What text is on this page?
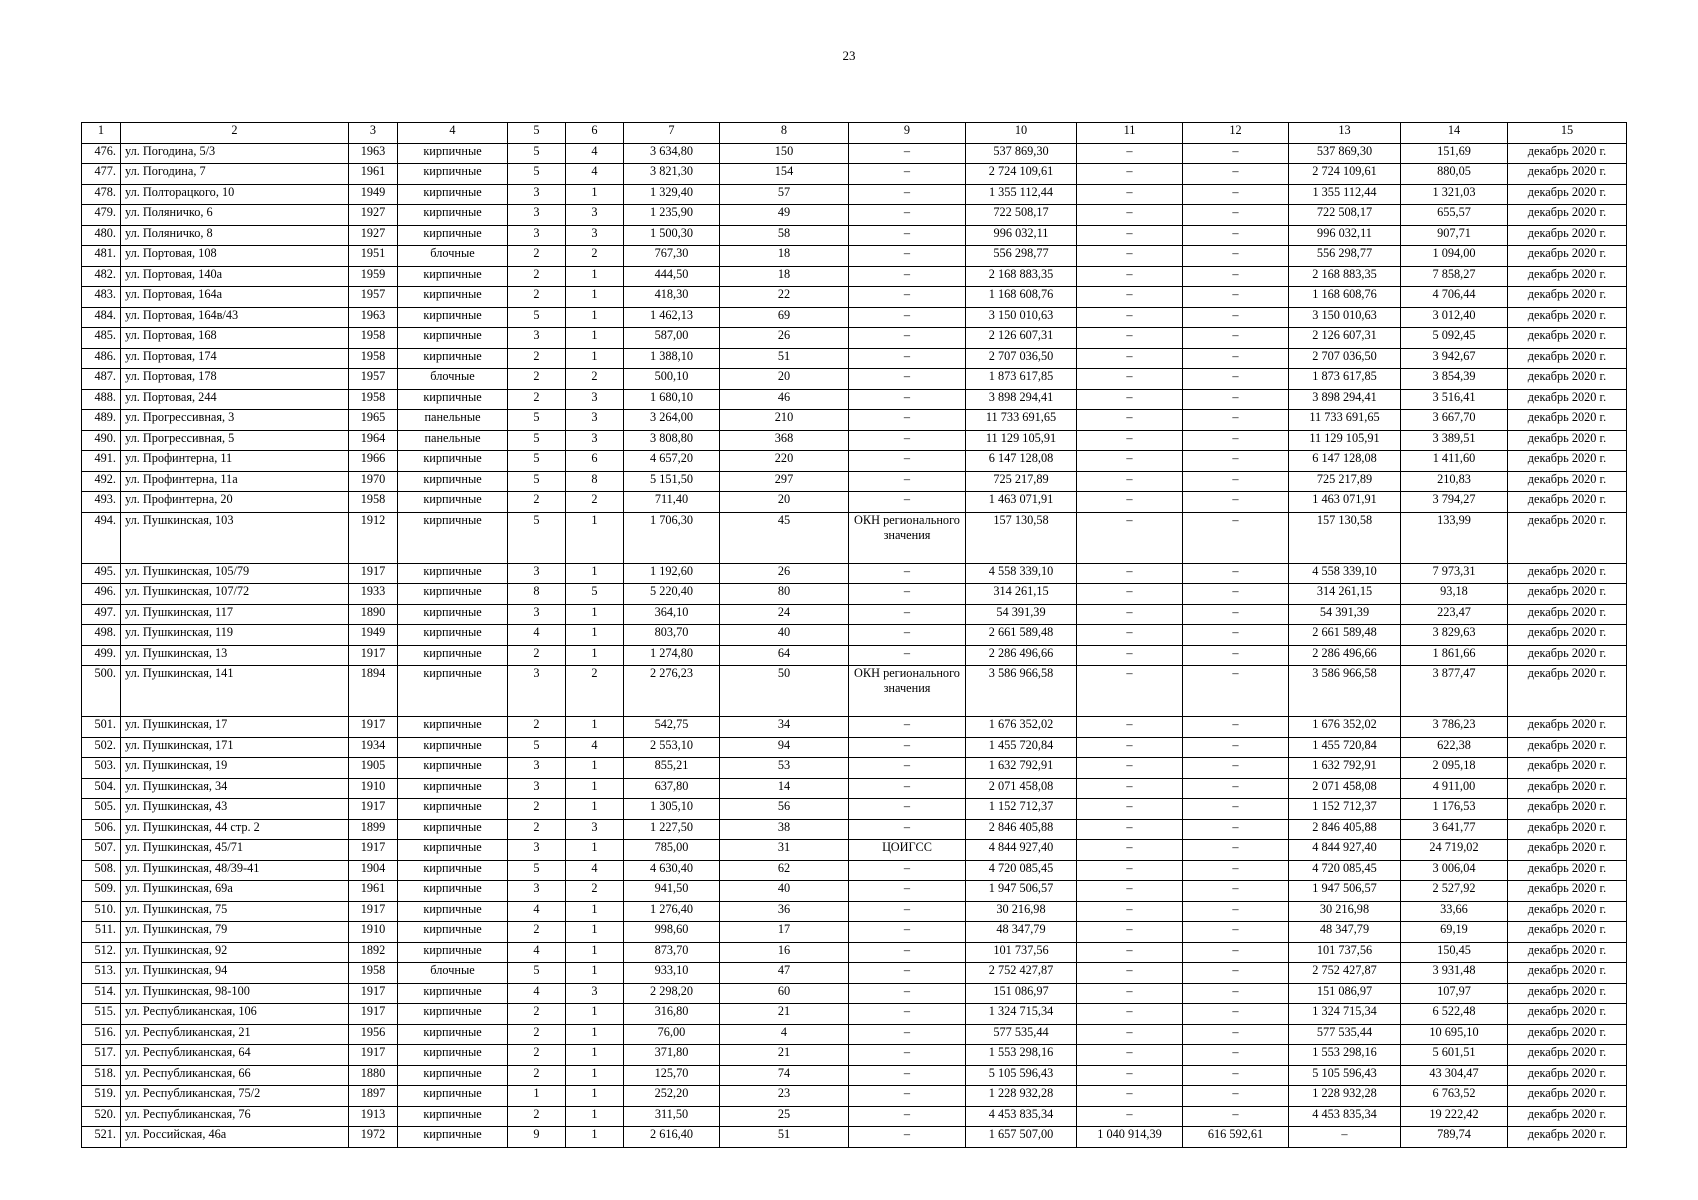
23
1	2	3	4	5	6	7	8	9	10	11	12	13	14	15
476.	ул. Погодина, 5/3	1963	кирпичные	5	4	3 634,80	150	–	537 869,30	–	–	537 869,30	151,69	декабрь 2020 г.
477.	ул. Погодина, 7	1961	кирпичные	5	4	3 821,30	154	–	2 724 109,61	–	–	2 724 109,61	880,05	декабрь 2020 г.
478.	ул. Полторацкого, 10	1949	кирпичные	3	1	1 329,40	57	–	1 355 112,44	–	–	1 355 112,44	1 321,03	декабрь 2020 г.
479.	ул. Поляничко, 6	1927	кирпичные	3	3	1 235,90	49	–	722 508,17	–	–	722 508,17	655,57	декабрь 2020 г.
480.	ул. Поляничко, 8	1927	кирпичные	3	3	1 500,30	58	–	996 032,11	–	–	996 032,11	907,71	декабрь 2020 г.
481.	ул. Портовая, 108	1951	блочные	2	2	767,30	18	–	556 298,77	–	–	556 298,77	1 094,00	декабрь 2020 г.
482.	ул. Портовая, 140а	1959	кирпичные	2	1	444,50	18	–	2 168 883,35	–	–	2 168 883,35	7 858,27	декабрь 2020 г.
483.	ул. Портовая, 164а	1957	кирпичные	2	1	418,30	22	–	1 168 608,76	–	–	1 168 608,76	4 706,44	декабрь 2020 г.
484.	ул. Портовая, 164в/43	1963	кирпичные	5	1	1 462,13	69	–	3 150 010,63	–	–	3 150 010,63	3 012,40	декабрь 2020 г.
485.	ул. Портовая, 168	1958	кирпичные	3	1	587,00	26	–	2 126 607,31	–	–	2 126 607,31	5 092,45	декабрь 2020 г.
486.	ул. Портовая, 174	1958	кирпичные	2	1	1 388,10	51	–	2 707 036,50	–	–	2 707 036,50	3 942,67	декабрь 2020 г.
487.	ул. Портовая, 178	1957	блочные	2	2	500,10	20	–	1 873 617,85	–	–	1 873 617,85	3 854,39	декабрь 2020 г.
488.	ул. Портовая, 244	1958	кирпичные	2	3	1 680,10	46	–	3 898 294,41	–	–	3 898 294,41	3 516,41	декабрь 2020 г.
489.	ул. Прогрессивная, 3	1965	панельные	5	3	3 264,00	210	–	11 733 691,65	–	–	11 733 691,65	3 667,70	декабрь 2020 г.
490.	ул. Прогрессивная, 5	1964	панельные	5	3	3 808,80	368	–	11 129 105,91	–	–	11 129 105,91	3 389,51	декабрь 2020 г.
491.	ул. Профинтерна, 11	1966	кирпичные	5	6	4 657,20	220	–	6 147 128,08	–	–	6 147 128,08	1 411,60	декабрь 2020 г.
492.	ул. Профинтерна, 11а	1970	кирпичные	5	8	5 151,50	297	–	725 217,89	–	–	725 217,89	210,83	декабрь 2020 г.
493.	ул. Профинтерна, 20	1958	кирпичные	2	2	711,40	20	–	1 463 071,91	–	–	1 463 071,91	3 794,27	декабрь 2020 г.
494.	ул. Пушкинская, 103	1912	кирпичные	5	1	1 706,30	45	ОКН регионального значения	157 130,58	–	–	157 130,58	133,99	декабрь 2020 г.
495.	ул. Пушкинская, 105/79	1917	кирпичные	3	1	1 192,60	26	–	4 558 339,10	–	–	4 558 339,10	7 973,31	декабрь 2020 г.
496.	ул. Пушкинская, 107/72	1933	кирпичные	8	5	5 220,40	80	–	314 261,15	–	–	314 261,15	93,18	декабрь 2020 г.
497.	ул. Пушкинская, 117	1890	кирпичные	3	1	364,10	24	–	54 391,39	–	–	54 391,39	223,47	декабрь 2020 г.
498.	ул. Пушкинская, 119	1949	кирпичные	4	1	803,70	40	–	2 661 589,48	–	–	2 661 589,48	3 829,63	декабрь 2020 г.
499.	ул. Пушкинская, 13	1917	кирпичные	2	1	1 274,80	64	–	2 286 496,66	–	–	2 286 496,66	1 861,66	декабрь 2020 г.
500.	ул. Пушкинская, 141	1894	кирпичные	3	2	2 276,23	50	ОКН регионального значения	3 586 966,58	–	–	3 586 966,58	3 877,47	декабрь 2020 г.
501.	ул. Пушкинская, 17	1917	кирпичные	2	1	542,75	34	–	1 676 352,02	–	–	1 676 352,02	3 786,23	декабрь 2020 г.
502.	ул. Пушкинская, 171	1934	кирпичные	5	4	2 553,10	94	–	1 455 720,84	–	–	1 455 720,84	622,38	декабрь 2020 г.
503.	ул. Пушкинская, 19	1905	кирпичные	3	1	855,21	53	–	1 632 792,91	–	–	1 632 792,91	2 095,18	декабрь 2020 г.
504.	ул. Пушкинская, 34	1910	кирпичные	3	1	637,80	14	–	2 071 458,08	–	–	2 071 458,08	4 911,00	декабрь 2020 г.
505.	ул. Пушкинская, 43	1917	кирпичные	2	1	1 305,10	56	–	1 152 712,37	–	–	1 152 712,37	1 176,53	декабрь 2020 г.
506.	ул. Пушкинская, 44 стр. 2	1899	кирпичные	2	3	1 227,50	38	–	2 846 405,88	–	–	2 846 405,88	3 641,77	декабрь 2020 г.
507.	ул. Пушкинская, 45/71	1917	кирпичные	3	1	785,00	31	ЦОИГСС	4 844 927,40	–	–	4 844 927,40	24 719,02	декабрь 2020 г.
508.	ул. Пушкинская, 48/39-41	1904	кирпичные	5	4	4 630,40	62	–	4 720 085,45	–	–	4 720 085,45	3 006,04	декабрь 2020 г.
509.	ул. Пушкинская, 69а	1961	кирпичные	3	2	941,50	40	–	1 947 506,57	–	–	1 947 506,57	2 527,92	декабрь 2020 г.
510.	ул. Пушкинская, 75	1917	кирпичные	4	1	1 276,40	36	–	30 216,98	–	–	30 216,98	33,66	декабрь 2020 г.
511.	ул. Пушкинская, 79	1910	кирпичные	2	1	998,60	17	–	48 347,79	–	–	48 347,79	69,19	декабрь 2020 г.
512.	ул. Пушкинская, 92	1892	кирпичные	4	1	873,70	16	–	101 737,56	–	–	101 737,56	150,45	декабрь 2020 г.
513.	ул. Пушкинская, 94	1958	блочные	5	1	933,10	47	–	2 752 427,87	–	–	2 752 427,87	3 931,48	декабрь 2020 г.
514.	ул. Пушкинская, 98-100	1917	кирпичные	4	3	2 298,20	60	–	151 086,97	–	–	151 086,97	107,97	декабрь 2020 г.
515.	ул. Республиканская, 106	1917	кирпичные	2	1	316,80	21	–	1 324 715,34	–	–	1 324 715,34	6 522,48	декабрь 2020 г.
516.	ул. Республиканская, 21	1956	кирпичные	2	1	76,00	4	–	577 535,44	–	–	577 535,44	10 695,10	декабрь 2020 г.
517.	ул. Республиканская, 64	1917	кирпичные	2	1	371,80	21	–	1 553 298,16	–	–	1 553 298,16	5 601,51	декабрь 2020 г.
518.	ул. Республиканская, 66	1880	кирпичные	2	1	125,70	74	–	5 105 596,43	–	–	5 105 596,43	43 304,47	декабрь 2020 г.
519.	ул. Республиканская, 75/2	1897	кирпичные	1	1	252,20	23	–	1 228 932,28	–	–	1 228 932,28	6 763,52	декабрь 2020 г.
520.	ул. Республиканская, 76	1913	кирпичные	2	1	311,50	25	–	4 453 835,34	–	–	4 453 835,34	19 222,42	декабрь 2020 г.
521.	ул. Российская, 46а	1972	кирпичные	9	1	2 616,40	51	–	1 657 507,00	1 040 914,39	616 592,61	–	789,74	декабрь 2020 г.
